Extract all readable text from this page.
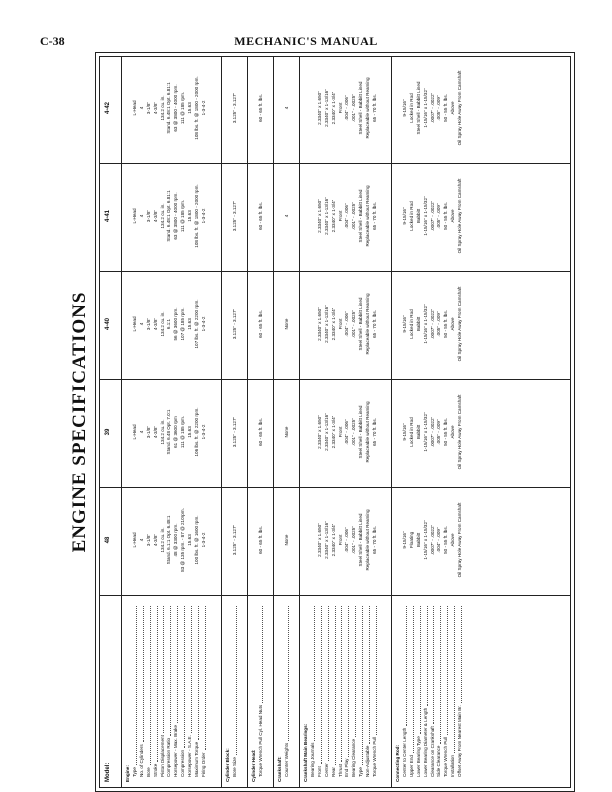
C-38	MECHANIC'S MANUAL
ENGINE SPECIFICATIONS
Model:
48
39
4-40
4-41
4-42
Engine: Type No. of Cylinders Bore Stroke Piston Displacement Compression Ratio Horsepower - Max. Brake Compression Horsepower - S.A.E. Maximum Torque Firing Order
L-Head 4 3-1/8" 4-3/8" 134.2 cu. in. Stand. 6.1:1 Opt. 6.48:1 48 @ 3300 rpm. 83 @ 135 rpm. - 87 @ 210rpm. 15.63 100 lbs. ft. @ 1600 rpm. 1-3-4-2
L-Head 4 3-1/8" 4-3/8" 134.2 cu. in. Stand. 6.48 Opt. 7.0:1 61 @ 3600 rpm 111 @ 185 rpm. 15.63 106 lbs. ft. @ 2200 rpm. 1-3-4-2
L-Head 4 3-1/8" 4-3/8" 134.2 cu. in. 6.1:1 56 @ 3600 rpm. 107 @ 185 rpm. 15.63 107 lbs. ft. @ 2200 rpm. 1-3-4-2
L-Head 4 3-1/8" 4-3/8" 134.2 cu. in. Stand. 6.48:1 Opt. 6.81:1 63 @ 3800 - 4000 rpm. 111 @ 185 rpm. 15.63 108 lbs. ft. @ 1800 - 2000 rpm. 1-3-4-2
L-Head 4 3-1/8" 4-3/8" 134.2 cu. in. Stand. 6.48:1 Opt. 6.81:1 63 @ 3800 - 4000 rpm. 111 @ 185 rpm. 15.63 108 lbs. ft. @ 1800 - 2000 rpm. 1-3-4-2
Cylinder Block: Bore Size
3.125" - 3.127"
3.125" - 3.127"
3.125" - 3.127"
3.125" - 3.127"
3.125" - 3.127"
Cylinder Head: Torque Wrench Pull Cyl. Head Nuts
60 - 65 ft. lbs.
60 - 65 ft. lbs.
60 - 65 ft. lbs.
60 - 65 ft. lbs.
60 - 65 ft. lbs.
Crankshaft: Counter Weights
None
None
None
4
4
Crankshaft Main Bearings: Bearing Journals Front Center Rear Thrust End Play Bearing Clearance Type Non-Adjustable Torque Wrench Pull
2.3340" x 1.650" 2.3340" x 1-13/16" 2.3340" x 1-3/4" Front .004" - .006" .001" - .0025" Steel Shell - Babbitt Lined Replaceable without Reaming 65 - 70 ft. lbs.
2.3340" x 1.650" 2.3340" x 1-13/16" 2.3340" x 1-3/4" Front .004" - .006" .001" - .0025" Steel Shell - Babbitt Lined Replaceable without Reaming 65 - 70 ft. lbs.
2.3340" x 1.650" 2.3340" x 1-13/16" 2.3340" x 1-3/4" Front .004" - .006" .001" - .0025" Steel Shell - Babbitt Lined Replaceable without Reaming 65 - 70 ft. lbs.
2.3340" x 1.650" 2.3340" x 1-13/16" 2.3340" x 1-3/4" Front .004" - .006" .001" - .0025" Steel Shell - Babbitt Lined Replaceable without Reaming 65 - 70 ft. lbs.
2.3340" x 1.650" 2.3340" x 1-13/16" 2.3340" x 1-3/4" Front .004" - .006" .001" - .0025" Steel Shell - Babbitt Lined Replaceable without Reaming 65 - 70 ft. lbs.
Connecting Rod: Center to Center Length Upper End Lower Bearing Type Lower Bearing Diameter & Length Clearance on Crankshaft Side Clearance Torque Wrench Pull Installation Offset Away From Nearest Main Br.
9-15/16" Floating Babbitt 1-15/16" x 1-15/32" .0007" - .0022" .004" - .009" 50 - 55 ft. lbs. Above Oil Spray Hole Away From Camshaft
9-15/16" Locked in Rod Babbitt 1-15/16" x 1-15/32" .0007" - .0022" .005" - .009" 50 - 55 ft. lbs. Above Oil Spray Hole Away From Camshaft
9-15/16" Locked in Rod Babbitt 1-15/16" x 1-15/32" .0007" - .0022" .005" - .009" 50 - 55 ft. lbs. Above Oil Spray Hole Away From Camshaft
9-15/16" Locked in Rod Babbitt 1-15/16" x 1-15/32" .0007" - .0022" .005" - .009" 50 - 55 ft. lbs. Above Oil Spray Hole Away From Camshaft
9-15/16" Locked in Rod Steel Shell - Babbitt Lined 1-15/16" x 1-15/32" .0007" - .0022" .005" - .009" 50 - 55 ft. lbs. Above Oil Spray Hole Away From Camshaft
